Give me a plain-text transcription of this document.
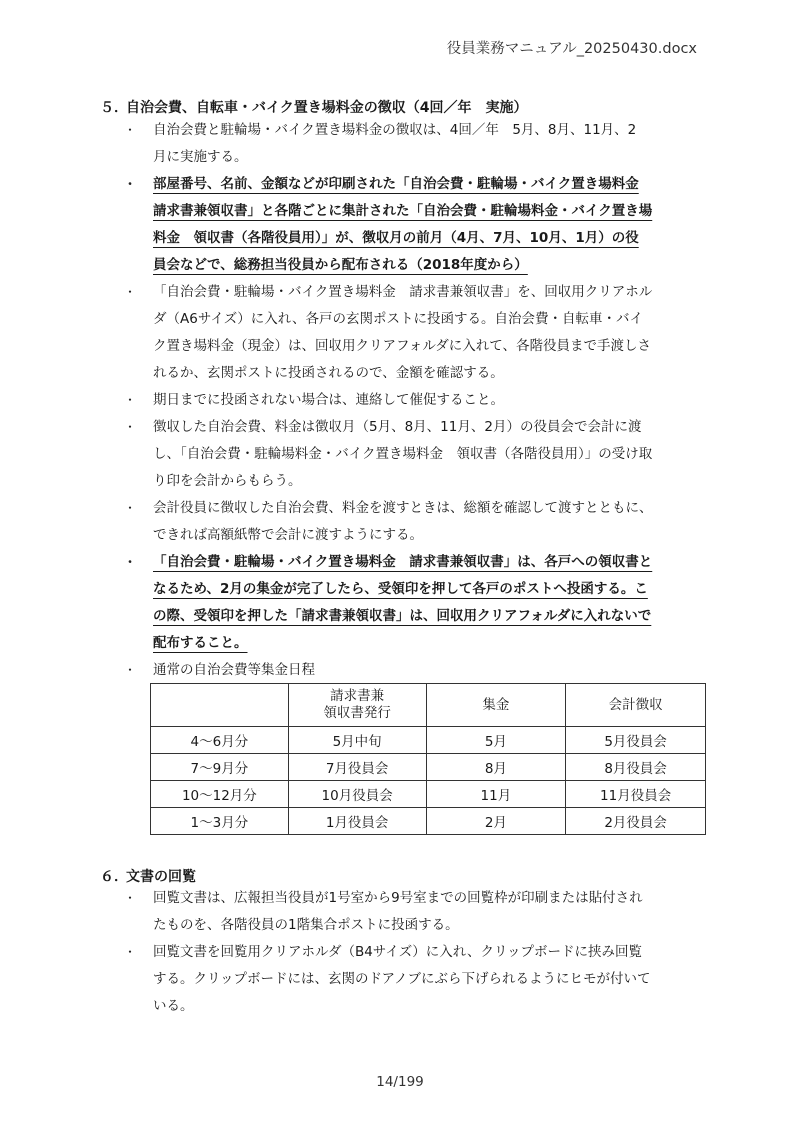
役員業務マニュアル_20250430.docx
５．自治会費、自転車・バイク置き場料金の徴収（4回／年　実施）
・ 自治会費と駐輪場・バイク置き場料金の徴収は、4回／年　5月、8月、11月、2
月に実施する。
・ 部屋番号、名前、金額などが印刷された「自治会費・駐輪場・バイク置き場料金
請求書兼領収書」と各階ごとに集計された「自治会費・駐輪場料金・バイク置き場
料金　領収書（各階役員用）」が、徴収月の前月（4月、7月、10月、1月）の役
員会などで、総務担当役員から配布される（2018年度から）
・ 「自治会費・駐輪場・バイク置き場料金　請求書兼領収書」を、回収用クリアホル
ダ（A6サイズ）に入れ、各戸の玄関ポストに投函する。自治会費・自転車・バイ
ク置き場料金（現金）は、回収用クリアフォルダに入れて、各階役員まで手渡しさ
れるか、玄関ポストに投函されるので、金額を確認する。
・ 期日までに投函されない場合は、連絡して催促すること。
・ 徴収した自治会費、料金は徴収月（5月、8月、11月、2月）の役員会で会計に渡
し、「自治会費・駐輪場料金・バイク置き場料金　領収書（各階役員用）」の受け取
り印を会計からもらう。
・ 会計役員に徴収した自治会費、料金を渡すときは、総額を確認して渡すとともに、
できれば高額紙幣で会計に渡すようにする。
・ 「自治会費・駐輪場・バイク置き場料金　請求書兼領収書」は、各戸への領収書と
なるため、2月の集金が完了したら、受領印を押して各戸のポストへ投函する。こ
の際、受領印を押した「請求書兼領収書」は、回収用クリアフォルダに入れないで
配布すること。
・ 通常の自治会費等集金日程
	請求書兼
領収書発行	集金	会計徴収
4〜6月分	5月中旬	5月	5月役員会
7〜9月分	7月役員会	8月	8月役員会
10〜12月分	10月役員会	11月	11月役員会
1〜3月分	1月役員会	2月	2月役員会
６．文書の回覧
・ 回覧文書は、広報担当役員が1号室から9号室までの回覧枠が印刷または貼付され
たものを、各階役員の1階集合ポストに投函する。
・ 回覧文書を回覧用クリアホルダ（B4サイズ）に入れ、クリップボードに挟み回覧
する。クリップボードには、玄関のドアノブにぶら下げられるようにヒモが付いて
いる。
14/199
